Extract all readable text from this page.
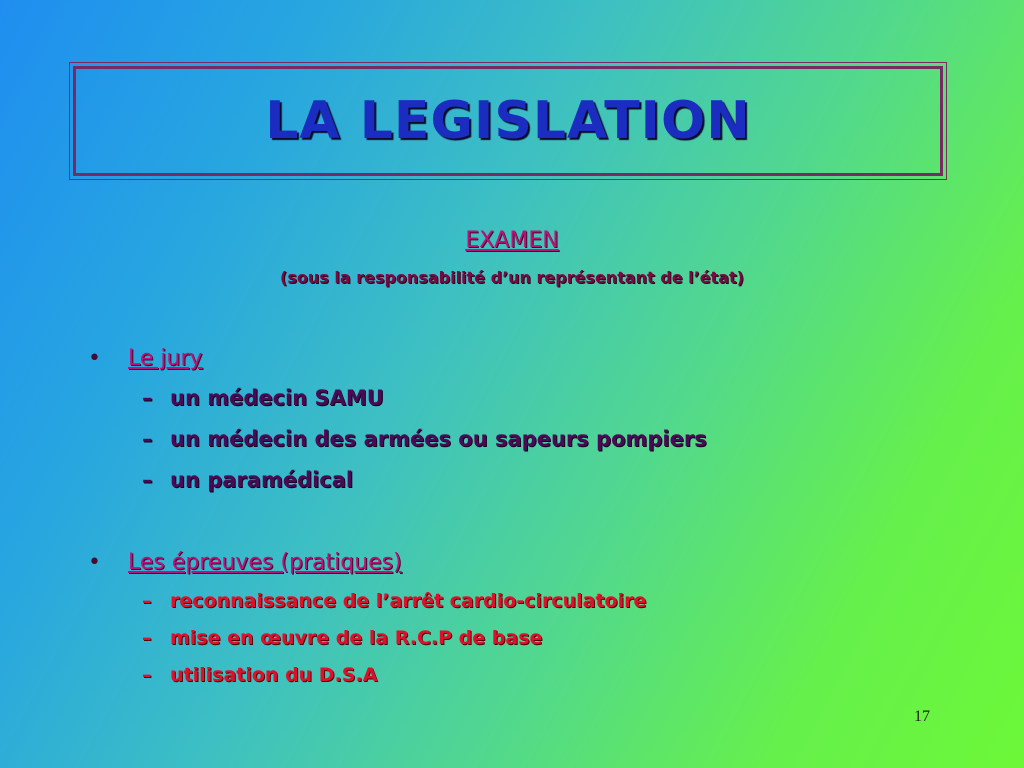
LA LEGISLATION
EXAMEN
(sous la responsabilité d’un représentant de l’état)
•	Le jury
– un médecin SAMU
– un médecin des armées ou sapeurs pompiers
– un paramédical
•	Les épreuves (pratiques)
– reconnaissance de l’arrêt cardio-circulatoire
– mise en œuvre de la R.C.P de base
– utilisation du D.S.A
17
